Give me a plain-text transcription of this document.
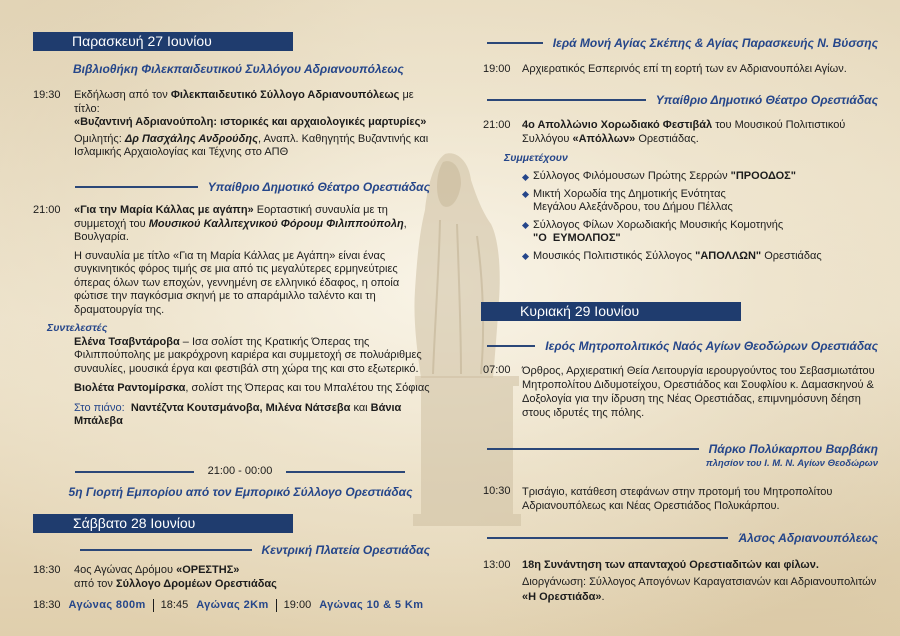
Παρασκευή 27 Ιουνίου
Βιβλιοθήκη Φιλεκπαιδευτικού Συλλόγου Αδριανουπόλεως
19:30 Εκδήλωση από τον Φιλεκπαιδευτικό Σύλλογο Αδριανουπόλεως με τίτλο:

«Βυζαντινή Αδριανούπολη: ιστορικές και αρχαιολογικές μαρτυρίες»

Ομιλητής: Δρ Πασχάλης Ανδρούδης, Αναπλ. Καθηγητής Βυζαντινής και Ισλαμικής Αρχαιολογίας και Τέχνης στο ΑΠΘ

Υπαίθριο Δημοτικό Θέατρο Ορεστιάδας
21:00 «Για την Μαρία Κάλλας με αγάπη» Εορταστική συναυλία με τη συμμετοχή του Μουσικού Καλλιτεχνικού Φόρουμ Φιλιππούπολη, Βουλγαρία.

Η συναυλία με τίτλο «Για τη Μαρία Κάλλας με Αγάπη» είναι ένας συγκινητικός φόρος τιμής σε μια από τις μεγαλύτερες ερμηνεύτριες όπερας όλων των εποχών, γεννημένη σε ελληνικό έδαφος, η οποία φώτισε την παγκόσμια σκηνή με το απαράμιλλο ταλέντο και τη δραματουργία της.

Συντελεστές

Ελένα Τσαβντάροβα – Ισα σολίστ της Κρατικής Όπερας της Φιλιππούπολης με μακρόχρονη καριέρα και συμμετοχή σε πολυάριθμες συναυλίες, μουσικά έργα και φεστιβάλ στη χώρα της και στο εξωτερικό.

Βιολέτα Ραντομίρσκα, σολίστ της Όπερας και του Μπαλέτου της Σόφιας

Στο πιάνο:  Ναντέζντα Κουτσμάνοβα, Μιλένα Νάτσεβα και Βάνια Μπάλεβα

21:00 - 00:00
5η Γιορτή Εμπορίου από τον Εμπορικό Σύλλογο Ορεστιάδας
Σάββατο 28 Ιουνίου
Κεντρική Πλατεία Ορεστιάδας
18:30 4ος Αγώνας Δρόμου «ΟΡΕΣΤΗΣ»

από τον Σύλλογο Δρομέων Ορεστιάδας

18:30 Αγώνας 800m 18:45 Αγώνας 2Km 19:00 Αγώνας 10 & 5 Km
Ιερά Μονή Αγίας Σκέπης & Αγίας Παρασκευής Ν. Βύσσης
19:00 Αρχιερατικός Εσπερινός επί τη εορτή των εν Αδριανουπόλει Αγίων.
Υπαίθριο Δημοτικό Θέατρο Ορεστιάδας
21:00 4ο Απολλώνιο Χορωδιακό Φεστιβάλ του Μουσικού Πολιτιστικού Συλλόγου «Απόλλων» Ορεστιάδας.

Συμμετέχουν
Σύλλογος Φιλόμουσων Πρώτης Σερρών "ΠΡΟΟΔΟΣ"
Μικτή Χορωδία της Δημοτικής Ενότητας
Μεγάλου Αλεξάνδρου, του Δήμου Πέλλας
Σύλλογος Φίλων Χορωδιακής Μουσικής Κομοτηνής
"Ο  ΕΥΜΟΛΠΟΣ"
Μουσικός Πολιτιστικός Σύλλογος "ΑΠΟΛΛΩΝ" Ορεστιάδας
Κυριακή 29 Ιουνίου
Ιερός Μητροπολιτικός Ναός Αγίων Θεοδώρων Ορεστιάδας
07:00 Όρθρος, Αρχιερατική Θεία Λειτουργία ιερουργούντος του Σεβασμιωτάτου Μητροπολίτου Διδυμοτείχου, Ορεστιάδος και Σουφλίου κ. Δαμασκηνού & Δοξολογία για την ίδρυση της Νέας Ορεστιάδας, επιμνημόσυνη δέηση στους ιδρυτές της πόλης.
Πάρκο Πολύκαρπου Βαρβάκη
πλησίον του Ι. Μ. Ν. Αγίων Θεοδώρων
10:30 Τρισάγιο, κατάθεση στεφάνων στην προτομή του Μητροπολίτου Αδριανουπόλεως και Νέας Ορεστιάδος Πολυκάρπου.
Άλσος Αδριανουπόλεως
13:00 18η Συνάντηση των απανταχού Ορεστιαδιτών και φίλων.

Διοργάνωση: Σύλλογος Απογόνων Καραγατσιανών και Αδριανουπολιτών «Η Ορεστιάδα».
